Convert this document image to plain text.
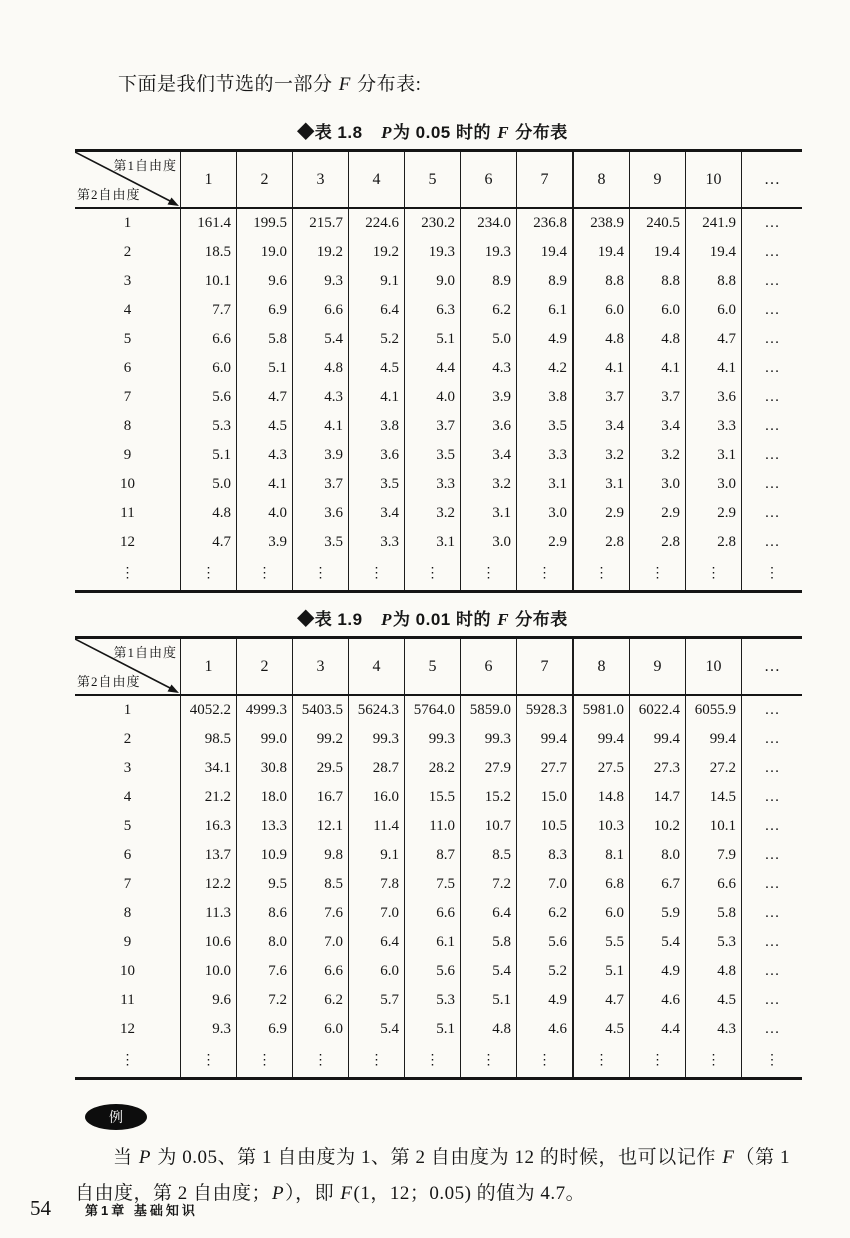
下面是我们节选的一部分 F 分布表:

◆表 1.8　P为 0.05 时的 F 分布表
第1自由度
第2自由度	1	2	3	4	5	6	7	8	9	10	…
1	161.4	199.5	215.7	224.6	230.2	234.0	236.8	238.9	240.5	241.9	…
2	18.5	19.0	19.2	19.2	19.3	19.3	19.4	19.4	19.4	19.4	…
3	10.1	9.6	9.3	9.1	9.0	8.9	8.9	8.8	8.8	8.8	…
4	7.7	6.9	6.6	6.4	6.3	6.2	6.1	6.0	6.0	6.0	…
5	6.6	5.8	5.4	5.2	5.1	5.0	4.9	4.8	4.8	4.7	…
6	6.0	5.1	4.8	4.5	4.4	4.3	4.2	4.1	4.1	4.1	…
7	5.6	4.7	4.3	4.1	4.0	3.9	3.8	3.7	3.7	3.6	…
8	5.3	4.5	4.1	3.8	3.7	3.6	3.5	3.4	3.4	3.3	…
9	5.1	4.3	3.9	3.6	3.5	3.4	3.3	3.2	3.2	3.1	…
10	5.0	4.1	3.7	3.5	3.3	3.2	3.1	3.1	3.0	3.0	…
11	4.8	4.0	3.6	3.4	3.2	3.1	3.0	2.9	2.9	2.9	…
12	4.7	3.9	3.5	3.3	3.1	3.0	2.9	2.8	2.8	2.8	…
⋮	⋮	⋮	⋮	⋮	⋮	⋮	⋮	⋮	⋮	⋮	⋮
◆表 1.9　P为 0.01 时的 F 分布表
第1自由度
第2自由度	1	2	3	4	5	6	7	8	9	10	…
1	4052.2	4999.3	5403.5	5624.3	5764.0	5859.0	5928.3	5981.0	6022.4	6055.9	…
2	98.5	99.0	99.2	99.3	99.3	99.3	99.4	99.4	99.4	99.4	…
3	34.1	30.8	29.5	28.7	28.2	27.9	27.7	27.5	27.3	27.2	…
4	21.2	18.0	16.7	16.0	15.5	15.2	15.0	14.8	14.7	14.5	…
5	16.3	13.3	12.1	11.4	11.0	10.7	10.5	10.3	10.2	10.1	…
6	13.7	10.9	9.8	9.1	8.7	8.5	8.3	8.1	8.0	7.9	…
7	12.2	9.5	8.5	7.8	7.5	7.2	7.0	6.8	6.7	6.6	…
8	11.3	8.6	7.6	7.0	6.6	6.4	6.2	6.0	5.9	5.8	…
9	10.6	8.0	7.0	6.4	6.1	5.8	5.6	5.5	5.4	5.3	…
10	10.0	7.6	6.6	6.0	5.6	5.4	5.2	5.1	4.9	4.8	…
11	9.6	7.2	6.2	5.7	5.3	5.1	4.9	4.7	4.6	4.5	…
12	9.3	6.9	6.0	5.4	5.1	4.8	4.6	4.5	4.4	4.3	…
⋮	⋮	⋮	⋮	⋮	⋮	⋮	⋮	⋮	⋮	⋮	⋮
例

当 P 为 0.05、第 1 自由度为 1、第 2 自由度为 12 的时候，也可以记作 F（第 1 自由度，第 2 自由度；P），即 F(1，12；0.05) 的值为 4.7。

54	第1章 基础知识
